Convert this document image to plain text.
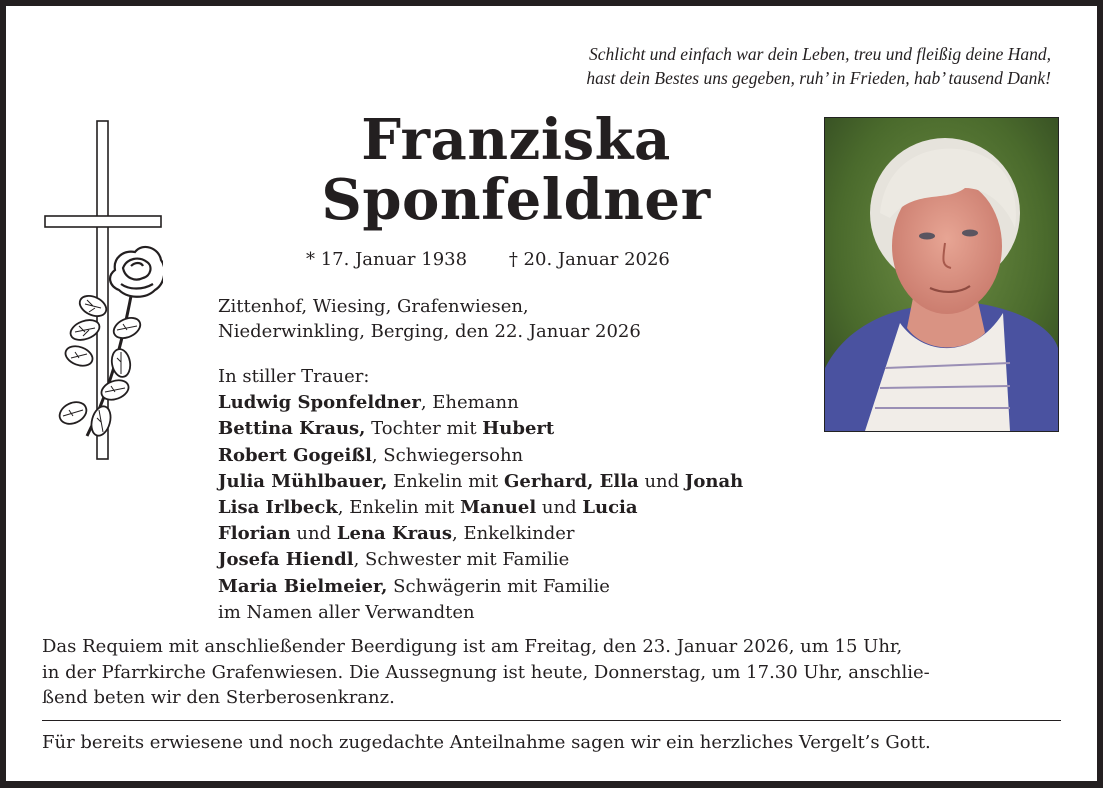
Schlicht und einfach war dein Leben, treu und fleißig deine Hand,
hast dein Bestes uns gegeben, ruh’ in Frieden, hab’ tausend Dank!
Franziska
Sponfeldner
* 17. Januar 1938 † 20. Januar 2026
Zittenhof, Wiesing, Grafenwiesen,
Niederwinkling, Berging, den 22. Januar 2026
In stiller Trauer:
Ludwig Sponfeldner, Ehemann
Bettina Kraus, Tochter mit Hubert
Robert Gogeißl, Schwiegersohn
Julia Mühlbauer, Enkelin mit Gerhard, Ella und Jonah
Lisa Irlbeck, Enkelin mit Manuel und Lucia
Florian und Lena Kraus, Enkelkinder
Josefa Hiendl, Schwester mit Familie
Maria Bielmeier, Schwägerin mit Familie
im Namen aller Verwandten
Das Requiem mit anschließender Beerdigung ist am Freitag, den 23. Januar 2026, um 15 Uhr,
in der Pfarrkirche Grafenwiesen. Die Aussegnung ist heute, Donnerstag, um 17.30 Uhr, anschlie-
ßend beten wir den Sterberosenkranz.
Für bereits erwiesene und noch zugedachte Anteilnahme sagen wir ein herzliches Vergelt’s Gott.
